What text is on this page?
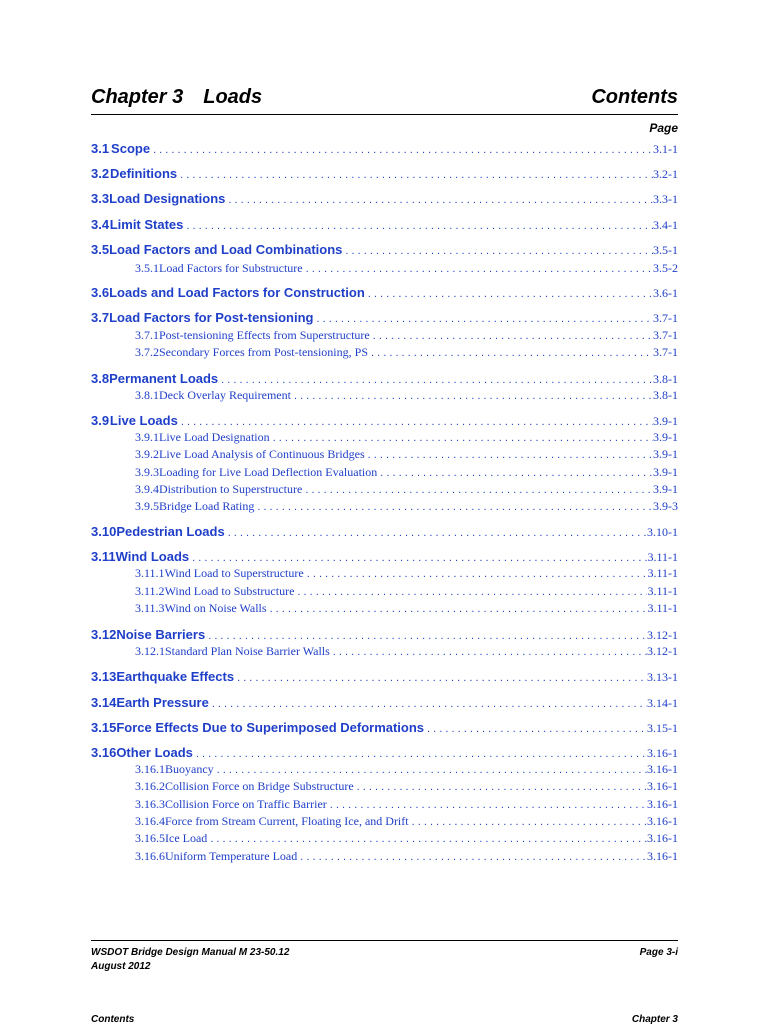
Chapter 3 Loads	Contents
Page
3.1 Scope . . .	3.1-1
3.2 Definitions . . .	3.2-1
3.3 Load Designations . . .	3.3-1
3.4 Limit States . . .	3.4-1
3.5 Load Factors and Load Combinations . . .	3.5-1
3.5.1 Load Factors for Substructure . . .	3.5-2
3.6 Loads and Load Factors for Construction . . .	3.6-1
3.7 Load Factors for Post-tensioning . . .	3.7-1
3.7.1 Post-tensioning Effects from Superstructure . . .	3.7-1
3.7.2 Secondary Forces from Post-tensioning, PS . . .	3.7-1
3.8 Permanent Loads . . .	3.8-1
3.8.1 Deck Overlay Requirement . . .	3.8-1
3.9 Live Loads . . .	3.9-1
3.9.1 Live Load Designation . . .	3.9-1
3.9.2 Live Load Analysis of Continuous Bridges . . .	3.9-1
3.9.3 Loading for Live Load Deflection Evaluation . . .	3.9-1
3.9.4 Distribution to Superstructure . . .	3.9-1
3.9.5 Bridge Load Rating . . .	3.9-3
3.10 Pedestrian Loads . . .	3.10-1
3.11 Wind Loads . . .	3.11-1
3.11.1 Wind Load to Superstructure . . .	3.11-1
3.11.2 Wind Load to Substructure . . .	3.11-1
3.11.3 Wind on Noise Walls . . .	3.11-1
3.12 Noise Barriers . . .	3.12-1
3.12.1 Standard Plan Noise Barrier Walls . . .	3.12-1
3.13 Earthquake Effects . . .	3.13-1
3.14 Earth Pressure . . .	3.14-1
3.15 Force Effects Due to Superimposed Deformations . . .	3.15-1
3.16 Other Loads . . .	3.16-1
3.16.1 Buoyancy . . .	3.16-1
3.16.2 Collision Force on Bridge Substructure . . .	3.16-1
3.16.3 Collision Force on Traffic Barrier . . .	3.16-1
3.16.4 Force from Stream Current, Floating Ice, and Drift . . .	3.16-1
3.16.5 Ice Load . . .	3.16-1
3.16.6 Uniform Temperature Load . . .	3.16-1
WSDOT Bridge Design Manual M 23-50.12
August 2012
Page 3-i
Contents	Chapter 3
